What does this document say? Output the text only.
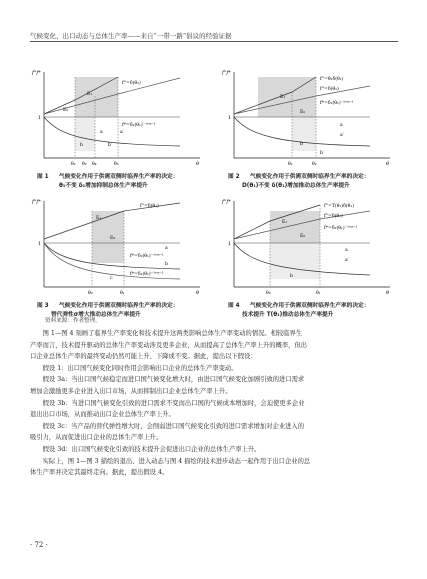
气候变化、出口动态与总体生产率——来自“一带一路”倡议的经验证据
f°f*
θ
1
f°=δ(θ₂)
f*=δ₂(θ₁)⁻¹ᵊᵐ⁻¹
E₁
E₀
a	a′
b	b′
θ₂ θ₃ θ₄	θ₅
图 1 气候变化作用于供需双侧时临界生产率的决定：
θ₁不变 δ₁增加抑制总体生产率提升
f°f*
θ
1
f°=θ₁δ(θ₁)
f°=δ(θ₁)
f*=δ₂(θ₁)⁻¹ᵊᵐ⁻¹
E₁
E₀
a
a′
b
b′
θ₁	θ₂
图 2 气候变化作用于供需双侧时临界生产率的决定：
D(θ₁)不变 δ(θ₁)增加推动总体生产率提升
f°f*
θ
1
f°=δ(θ₁)
f*=δ₂(θ₁)⁻¹ᵊᵐ⁻¹
f*=δ₁(θ₁)⁻¹ᵊᵐ⁻¹
E₁
E₀
a
b
c
θ₀	θ₁
图 3 气候变化作用于供需双侧时临界生产率的决定：
替代弹性σ增大推动总体生产率提升
f°f*
θ
1
f°=T(θ₁)δ(θ₁)
f°=δ(θ₁)
f*=δ₂(θ₁)⁻¹ᵊᵐ⁻¹
E₁
E₀
a
a′
b
θ₀	θ₁
图 4 气候变化作用于供需双侧时临界生产率的决定：
技术提升 T(θ₁)推动总体生产率提升
资料来源：作者整理。

图 1—图 4 刻画了临界生产率变化和技术提升这两类影响总体生产率变动的情况。相较临界生

产率而言，技术提升驱动的总体生产率变动涉及更多企业，从而提高了总体生产率上升的概率，但出

口企业总体生产率的最终变动仍然可能上升、下降或不变。据此，提出以下假设：

假设 1：出口国气候变化同时作用会影响出口企业的总体生产率变动。

假设 3a：当出口国气候稳定而进口国气候变化增大时，由进口国气候变化加剧引致的进口需求

增加会激励更多企业进入出口市场，从而抑制出口企业总体生产率上升。

假设 3b：当进口国气候变化引致的进口需求不变而出口国的气候成本增加时，会迫使更多企业

退出出口市场，从而推动出口企业总体生产率上升。

假设 3c：当产品的替代弹性增大时，会削弱进口国气候变化引致的进口需求增加对企业进入的

吸引力，从而促进出口企业的总体生产率上升。

假设 3d：出口国气候变化引致的技术提升会促进出口企业的总体生产率上升。

实际上，图 1—图 3 描绘的退出、进入动态与图 4 描绘的技术进步动态一起作用于出口企业的总

体生产率并决定其最终走向。据此，提出假设 4。

· 72 ·
